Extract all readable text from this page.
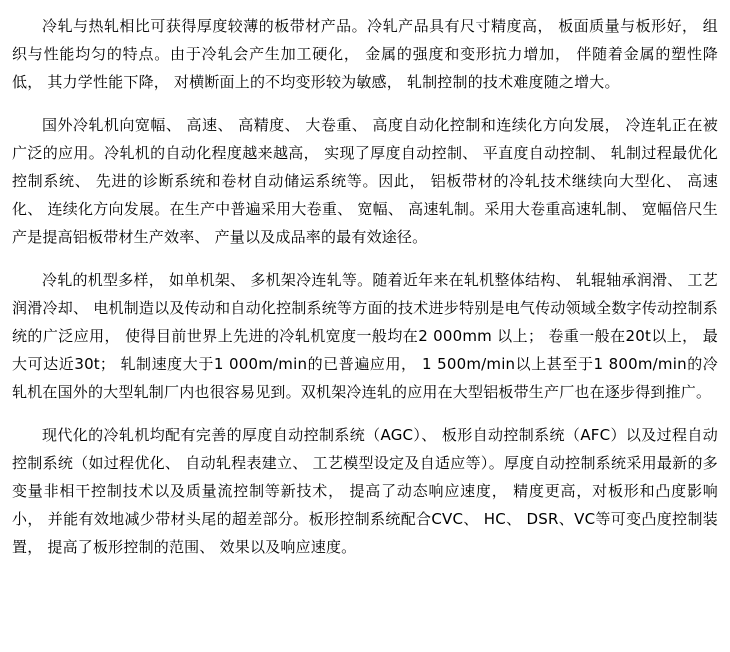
冷轧与热轧相比可获得厚度较薄的板带材产品。冷轧产品具有尺寸精度高， 板面质量与板形好， 组织与性能均匀的特点。由于冷轧会产生加工硬化， 金属的强度和变形抗力增加， 伴随着金属的塑性降低， 其力学性能下降， 对横断面上的不均变形较为敏感， 轧制控制的技术难度随之增大。

国外冷轧机向宽幅、 高速、 高精度、 大卷重、 高度自动化控制和连续化方向发展， 冷连轧正在被广泛的应用。冷轧机的自动化程度越来越高， 实现了厚度自动控制、 平直度自动控制、 轧制过程最优化控制系统、 先进的诊断系统和卷材自动储运系统等。因此， 铝板带材的冷轧技术继续向大型化、 高速化、 连续化方向发展。在生产中普遍采用大卷重、 宽幅、 高速轧制。采用大卷重高速轧制、 宽幅倍尺生产是提高铝板带材生产效率、 产量以及成品率的最有效途径。

冷轧的机型多样， 如单机架、 多机架冷连轧等。随着近年来在轧机整体结构、 轧辊轴承润滑、 工艺润滑冷却、 电机制造以及传动和自动化控制系统等方面的技术进步特别是电气传动领域全数字传动控制系统的广泛应用， 使得目前世界上先进的冷轧机宽度一般均在2 000mm 以上； 卷重一般在20t以上， 最大可达近30t； 轧制速度大于1 000m/min的已普遍应用， 1 500m/min以上甚至于1 800m/min的冷轧机在国外的大型轧制厂内也很容易见到。双机架冷连轧的应用在大型铝板带生产厂也在逐步得到推广。

现代化的冷轧机均配有完善的厚度自动控制系统（AGC）、 板形自动控制系统（AFC）以及过程自动控制系统（如过程优化、 自动轧程表建立、 工艺模型设定及自适应等）。厚度自动控制系统采用最新的多变量非相干控制技术以及质量流控制等新技术， 提高了动态响应速度， 精度更高，对板形和凸度影响小， 并能有效地减少带材头尾的超差部分。板形控制系统配合CVC、 HC、 DSR、VC等可变凸度控制装置， 提高了板形控制的范围、 效果以及响应速度。
